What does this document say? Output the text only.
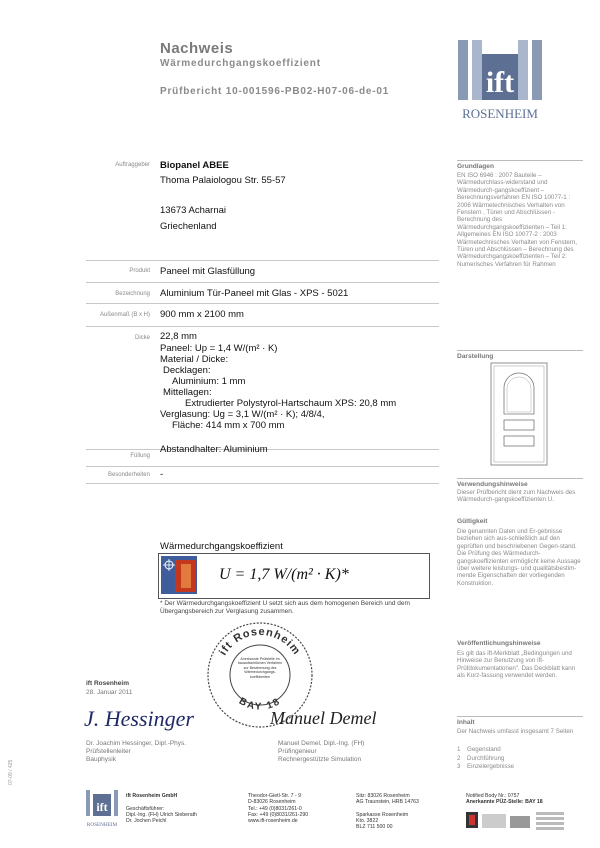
Nachweis
Wärmedurchgangskoeffizient
Prüfbericht 10-001596-PB02-H07-06-de-01	ift
ROSENHEIM
Auftraggeber Biopanel ABEE
Thoma Palaiologou Str. 55-57
13673 Acharnai
Griechenland
Produkt Paneel mit Glasfüllung
Bezeichnung Aluminium Tür-Paneel mit Glas - XPS - 5021
Außenmaß (B x H) 900 mm x 2100 mm
Dicke 22,8 mm
Paneel: Up = 1,4 W/(m² · K)
Material / Dicke:
Decklagen:
Aluminium: 1 mm
Mittellagen:
Extrudierter Polystyrol-Hartschaum XPS: 20,8 mm
Verglasung: Ug = 3,1 W/(m² · K); 4/8/4,
Fläche: 414 mm x 700 mm
Füllung
Abstandhalter: Aluminium
Besonderheiten -
Wärmedurchgangskoeffizient
U = 1,7 W/(m² · K)*
* Der Wärmedurchgangskoeffizient U setzt sich aus dem homogenen Bereich und dem Übergangsbereich zur Verglasung zusammen.
ift Rosenheim
28. Januar 2011
ift Rosenheim
BAY 18
Anerkannte Prüfstelle im bauaufsichtlichen Verfahren zur Bestimmung des Wärmedurchgangs-koeffizienten
J. Hessinger
Dr. Joachim Hessinger, Dipl.-Phys.
Prüfstellenleiter
Bauphysik
Manuel Demel
Manuel Demel, Dipl.-Ing. (FH)
Prüfingenieur
Rechnergestützte Simulation
Grundlagen
EN ISO 6946 : 2007 Bauteile – Wärmedurchlass-widerstand und Wärmedurch-gangskoeffizient – Berechnungsverfahren EN ISO 10077-1 : 2006 Wärmetechnisches Verhalten von Fenstern , Türen und Abschlüssen - Berechnung des Wärmedurchgangskoeffizienten – Teil 1: Allgemeines EN ISO 10077-2 : 2003 Wärmetechnisches Verhalten von Fenstern, Türen und Abschlüssen – Berechnung des Wärmedurchgangskoeffizienten – Teil 2: Numerisches Verfahren für Rahmen
Darstellung
Verwendungshinweise
Dieser Prüfbericht dient zum Nachweis des Wärmedurch-gangskoeffizienten U.
Gültigkeit
Die genannten Daten und Er-gebnisse beziehen sich aus-schließlich auf den geprüften und beschriebenen Gegen-stand. Die Prüfung des Wärmedurch-gangskoeffizienten ermöglicht keine Aussage über weitere leistungs- und qualitätsbestim-mende Eigenschaften der vorliegenden Konstruktion.
Veröffentlichungshinweise
Es gilt das ift-Merkblatt „Bedingungen und Hinweise zur Benutzung von ift-Prüfdokumentationen". Das Deckblatt kann als Kurz-fassung verwendet werden.
Inhalt
Der Nachweis umfasst insgesamt 7 Seiten
1 Gegenstand
2 Durchführung
3 Einzelergebnisse
07-09 / 425
ift
ROSENHEIM
ift Rosenheim GmbH

Geschäftsführer:
Dipl.-Ing. (FH) Ulrich Sieberath
Dr. Jochen Peichl
Theodor-Gietl-Str. 7 - 9
D-83026 Rosenheim
Tel.: +49 (0)8031/261-0
Fax: +49 (0)8031/261-290
www.ift-rosenheim.de
Sitz: 83026 Rosenheim
AG Traunstein, HRB 14763

Sparkasse Rosenheim
Kto. 3822
BLZ 711 500 00
Notified Body Nr.: 0757
Anerkannte PÜZ-Stelle: BAY 18
